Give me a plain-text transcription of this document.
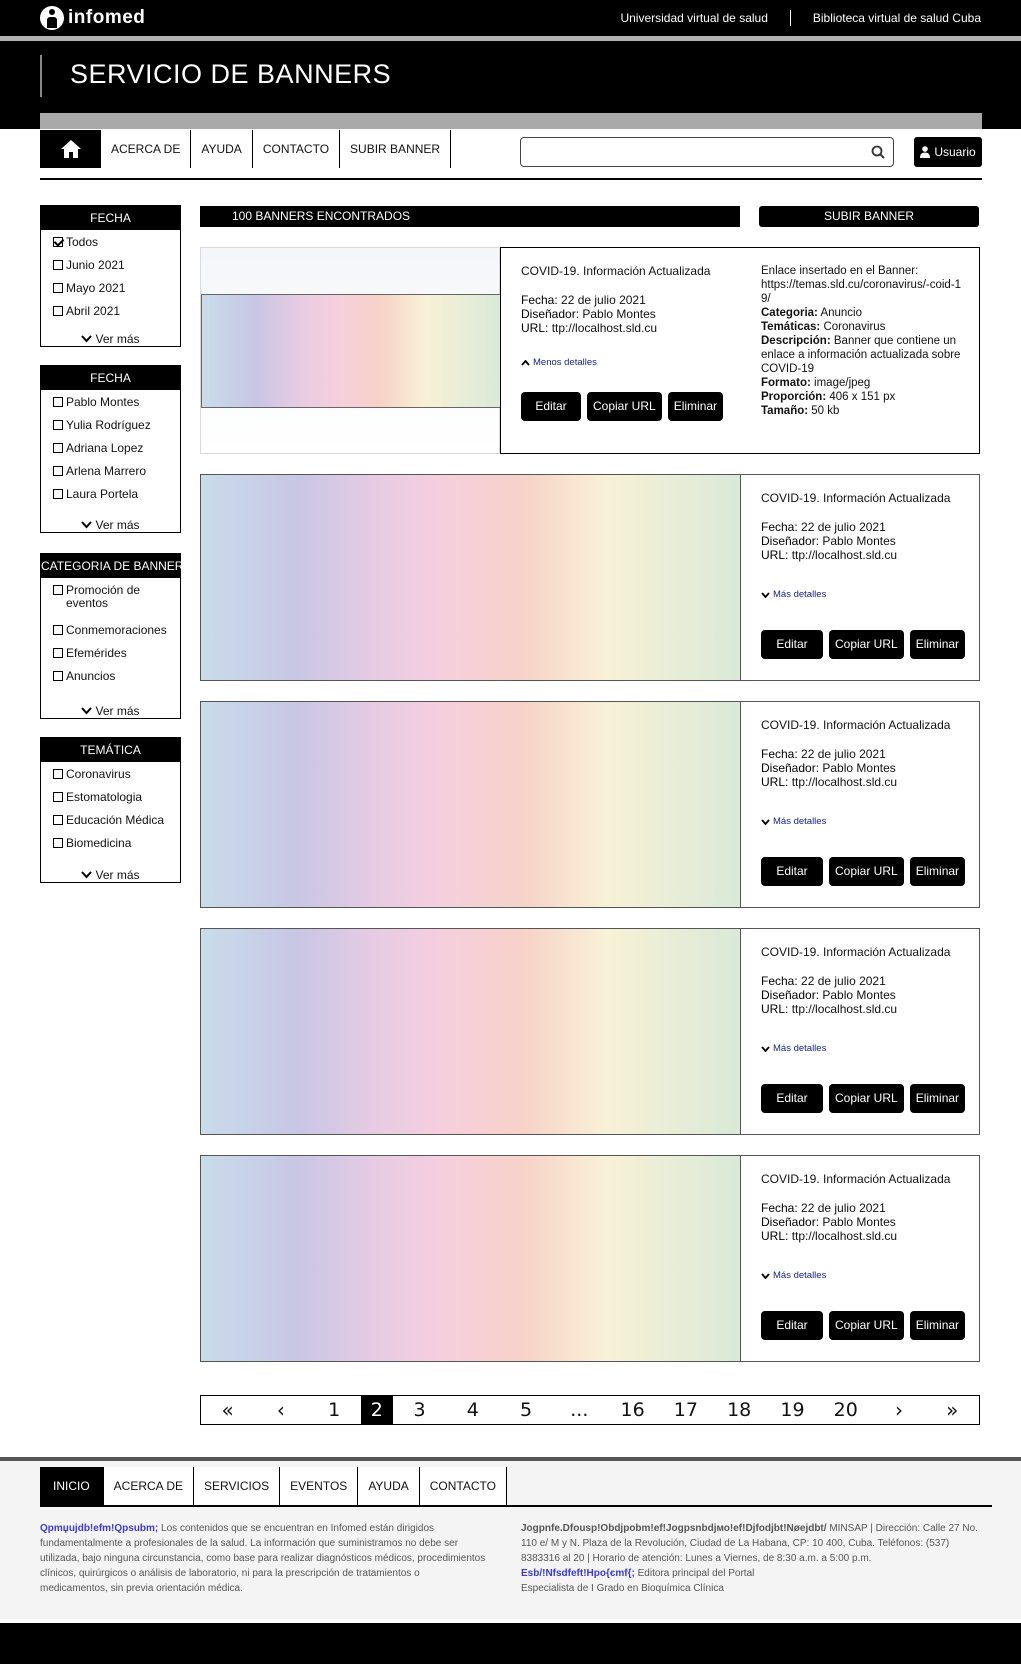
infomed	Universidad virtual de salud	Biblioteca virtual de salud Cuba
SERVICIO DE BANNERS
ACERCA DE	AYUDA	CONTACTO	SUBIR BANNER	Usuario
FECHA
Todos
Junio 2021
Mayo 2021
Abril 2021
Ver más
FECHA
Pablo Montes
Yulia Rodríguez
Adriana Lopez
Arlena Marrero
Laura Portela
Ver más
CATEGORIA DE BANNER
Promoción de eventos
Conmemoraciones
Efemérides
Anuncios
Ver más
TEMÁTICA
Coronavirus
Estomatologia
Educación Médica
Biomedicina
Ver más
100 BANNERS ENCONTRADOS	SUBIR BANNER
COVID-19. Información Actualizada
Fecha: 22 de julio 2021
Diseñador: Pablo Montes
URL: ttp://localhost.sld.cu
Menos detalles
Editar	Copiar URL	Eliminar
Enlace insertado en el Banner:
https://temas.sld.cu/coronavirus/-coid-19/
Categoria: Anuncio
Temáticas: Coronavirus
Descripción: Banner que contiene un enlace a información actualizada sobre COVID-19
Formato: image/jpeg
Proporción: 406 x 151 px
Tamaño: 50 kb
COVID-19. Información Actualizada
Fecha: 22 de julio 2021
Diseñador: Pablo Montes
URL: ttp://localhost.sld.cu
Más detalles
Editar	Copiar URL	Eliminar
COVID-19. Información Actualizada
Fecha: 22 de julio 2021
Diseñador: Pablo Montes
URL: ttp://localhost.sld.cu
Más detalles
Editar	Copiar URL	Eliminar
COVID-19. Información Actualizada
Fecha: 22 de julio 2021
Diseñador: Pablo Montes
URL: ttp://localhost.sld.cu
Más detalles
Editar	Copiar URL	Eliminar
COVID-19. Información Actualizada
Fecha: 22 de julio 2021
Diseñador: Pablo Montes
URL: ttp://localhost.sld.cu
Más detalles
Editar	Copiar URL	Eliminar
«	‹	1	2	3	4	5	...	16	17	18	19	20	›	»
INICIO	ACERCA DE	SERVICIOS	EVENTOS	AYUDA	CONTACTO
Qpmџujdb!efm!Qpsubm; Los contenidos que se encuentran en Infomed están dirigidos fundamentalmente a profesionales de la salud. La información que suministramos no debe ser utilizada, bajo ninguna circunstancia, como base para realizar diagnósticos médicos, procedimientos clínicos, quirúrgicos o análisis de laboratorio, ni para la prescripción de tratamientos o medicamentos, sin previa orientación médica.
Jogpnfe.Dfousp!Obdjpobm!ef!Jogpsnbdjмо!ef!Djfodjbt!Nøejdbt/ MINSAP | Dirección: Calle 27 No. 110 e/ M y N. Plaza de la Revolución, Ciudad de La Habana, CP: 10 400, Cuba. Teléfonos: (537) 8383316 al 20 | Horario de atención: Lunes a Viernes, de 8:30 a.m. a 5:00 p.m.
Esb/!Nfsdfeft!Hpo{єmf{; Editora principal del Portal
Especialista de I Grado en Bioquímica Clínica
